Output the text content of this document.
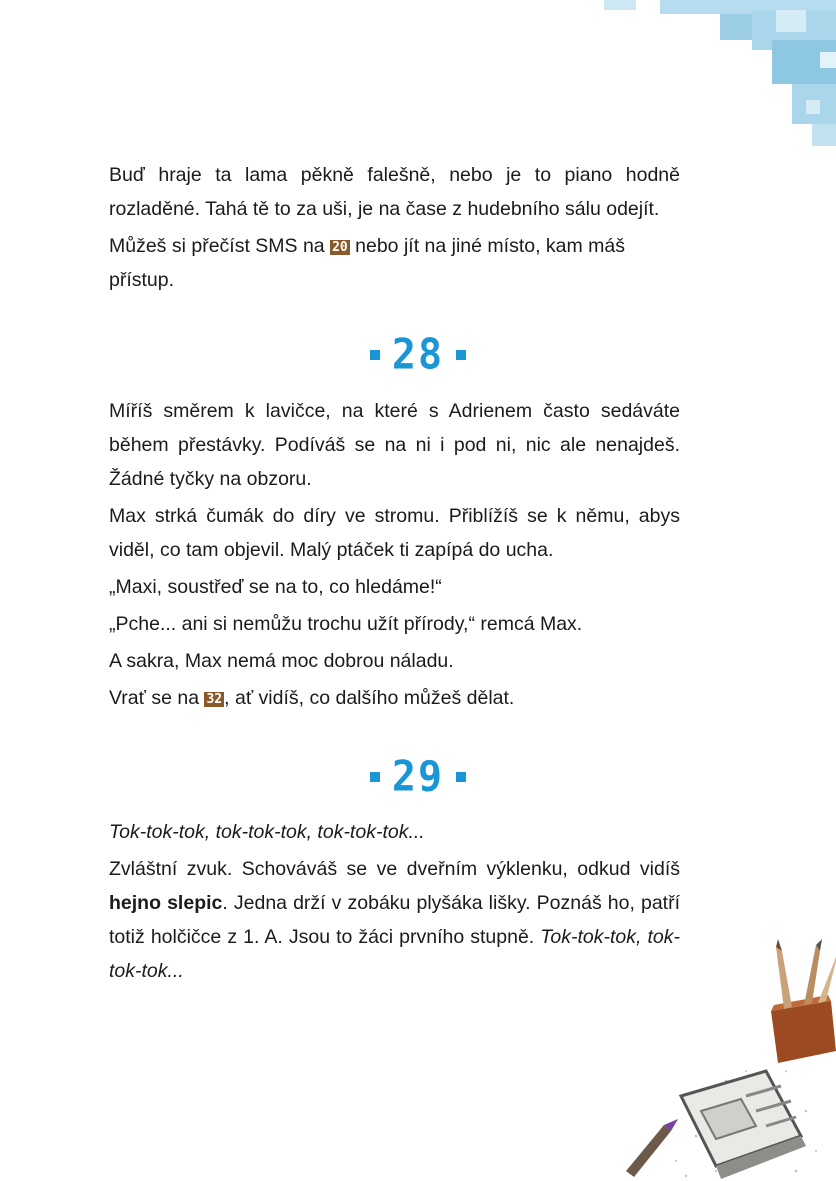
Buď hraje ta lama pěkně falešně, nebo je to piano hodně rozladěné. Tahá tě to za uši, je na čase z hudebního sálu odejít.

Můžeš si přečíst SMS na 20 nebo jít na jiné místo, kam máš přístup.

28

Míříš směrem k lavičce, na které s Adrienem často sedáváte během přestávky. Podíváš se na ni i pod ni, nic ale nenajdeš. Žádné tyčky na obzoru.

Max strká čumák do díry ve stromu. Přiblížíš se k němu, abys viděl, co tam objevil. Malý ptáček ti zapípá do ucha.

„Maxi, soustřeď se na to, co hledáme!“

„Pche... ani si nemůžu trochu užít přírody,“ remcá Max.

A sakra, Max nemá moc dobrou náladu.

Vrať se na 32 , ať vidíš, co dalšího můžeš dělat.

29

Tok-tok-tok, tok-tok-tok, tok-tok-tok...

Zvláštní zvuk. Schováváš se ve dveřním výklenku, odkud vidíš hejno slepic. Jedna drží v zobáku plyšáka lišky. Poznáš ho, patří totiž holčičce z 1. A. Jsou to žáci prvního stupně. Tok-tok-tok, tok-tok-tok...
